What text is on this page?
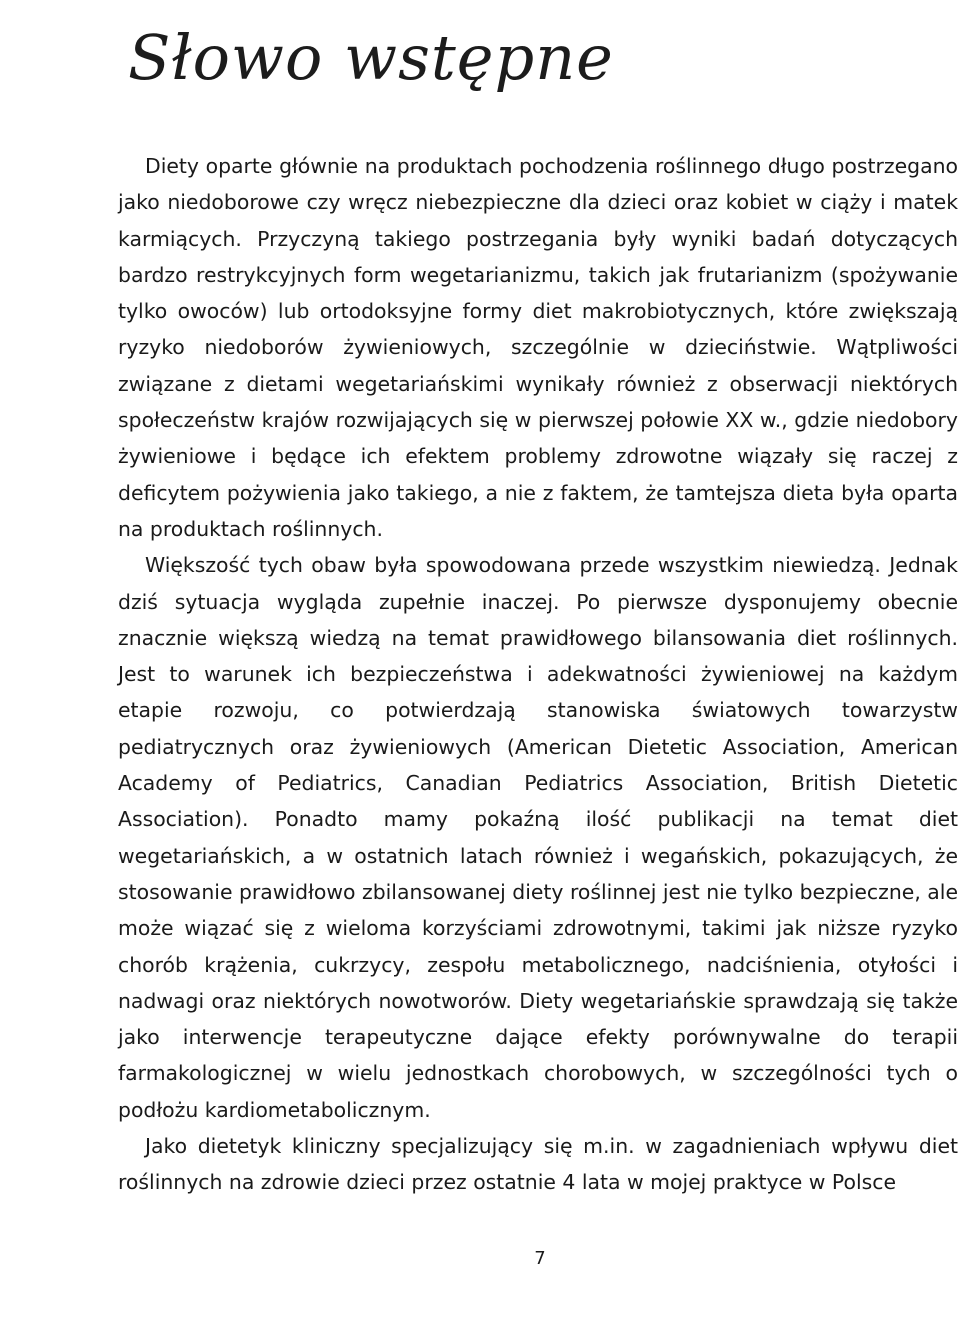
Słowo wstępne

Diety oparte głównie na produktach pochodzenia roślinnego długo postrzegano jako niedoborowe czy wręcz niebezpieczne dla dzieci oraz kobiet w ciąży i matek karmiących. Przyczyną takiego postrzegania były wyniki badań dotyczących bardzo restrykcyjnych form wegetarianizmu, takich jak frutarianizm (spożywanie tylko owoców) lub ortodoksyjne formy diet makrobiotycznych, które zwiększają ryzyko niedoborów żywieniowych, szczególnie w dzieciństwie. Wątpliwości związane z dietami wegetariańskimi wynikały również z obserwacji niektórych społeczeństw krajów rozwijających się w pierwszej połowie XX w., gdzie niedobory żywieniowe i będące ich efektem problemy zdrowotne wiązały się raczej z deficytem pożywienia jako takiego, a nie z faktem, że tamtejsza dieta była oparta na produktach roślinnych.

Większość tych obaw była spowodowana przede wszystkim niewiedzą. Jednak dziś sytuacja wygląda zupełnie inaczej. Po pierwsze dysponujemy obecnie znacznie większą wiedzą na temat prawidłowego bilansowania diet roślinnych. Jest to warunek ich bezpieczeństwa i adekwatności żywieniowej na każdym etapie rozwoju, co potwierdzają stanowiska światowych towarzystw pediatrycznych oraz żywieniowych (American Dietetic Association, American Academy of Pediatrics, Canadian Pediatrics Association, British Dietetic Association). Ponadto mamy pokaźną ilość publikacji na temat diet wegetariańskich, a w ostatnich latach również i wegańskich, pokazujących, że stosowanie prawidłowo zbilansowanej diety roślinnej jest nie tylko bezpieczne, ale może wiązać się z wieloma korzyściami zdrowotnymi, takimi jak niższe ryzyko chorób krążenia, cukrzycy, zespołu metabolicznego, nadciśnienia, otyłości i nadwagi oraz niektórych nowotworów. Diety wegetariańskie sprawdzają się także jako interwencje terapeutyczne dające efekty porównywalne do terapii farmakologicznej w wielu jednostkach chorobowych, w szczególności tych o podłożu kardiometabolicznym.

Jako dietetyk kliniczny specjalizujący się m.in. w zagadnieniach wpływu diet roślinnych na zdrowie dzieci przez ostatnie 4 lata w mojej praktyce w Polsce

7
